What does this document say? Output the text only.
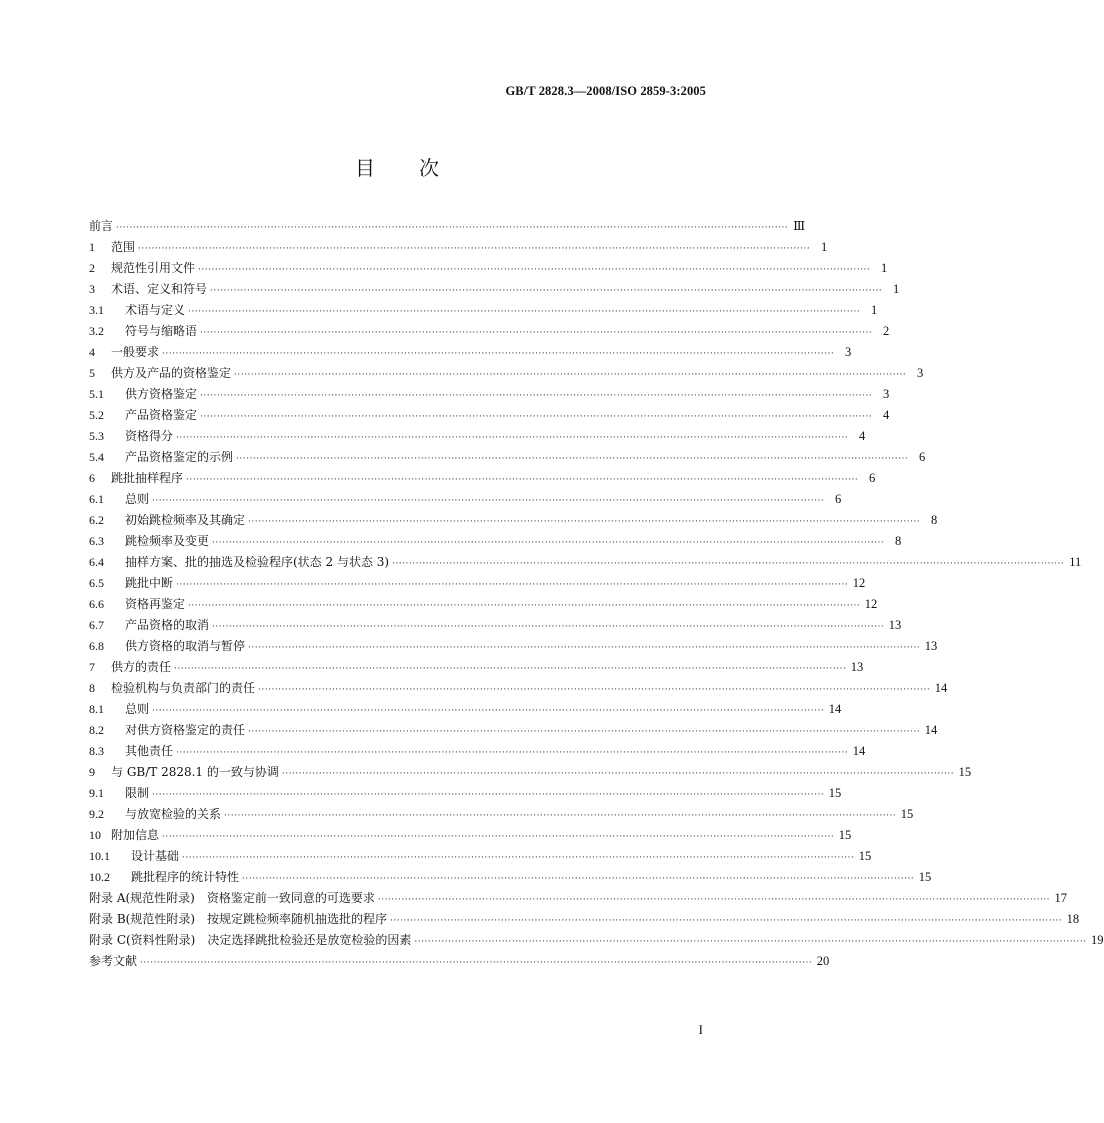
GB/T 2828.3—2008/ISO 2859-3:2005
目次
前言 ········································································································································································································ Ⅲ
1	范围 ········································································································································································································ 1
2	规范性引用文件 ········································································································································································································ 1
3	术语、定义和符号 ········································································································································································································ 1
3.1	术语与定义 ········································································································································································································ 1
3.2	符号与缩略语 ········································································································································································································ 2
4	一般要求 ········································································································································································································ 3
5	供方及产品的资格鉴定 ········································································································································································································ 3
5.1	供方资格鉴定 ········································································································································································································ 3
5.2	产品资格鉴定 ········································································································································································································ 4
5.3	资格得分 ········································································································································································································ 4
5.4	产品资格鉴定的示例 ········································································································································································································ 6
6	跳批抽样程序 ········································································································································································································ 6
6.1	总则 ········································································································································································································ 6
6.2	初始跳检频率及其确定 ········································································································································································································ 8
6.3	跳检频率及变更 ········································································································································································································ 8
6.4	抽样方案、批的抽选及检验程序(状态 2 与状态 3) ········································································································································································································ 11
6.5	跳批中断 ········································································································································································································ 12
6.6	资格再鉴定 ········································································································································································································ 12
6.7	产品资格的取消 ········································································································································································································ 13
6.8	供方资格的取消与暂停 ········································································································································································································ 13
7	供方的责任 ········································································································································································································ 13
8	检验机构与负责部门的责任 ········································································································································································································ 14
8.1	总则 ········································································································································································································ 14
8.2	对供方资格鉴定的责任 ········································································································································································································ 14
8.3	其他责任 ········································································································································································································ 14
9	与 GB/T 2828.1 的一致与协调 ········································································································································································································ 15
9.1	限制 ········································································································································································································ 15
9.2	与放宽检验的关系 ········································································································································································································ 15
10 附加信息 ········································································································································································································ 15
10.1	设计基础 ········································································································································································································ 15
10.2	跳批程序的统计特性 ········································································································································································································ 15
附录 A(规范性附录)　资格鉴定前一致同意的可选要求 ········································································································································································································ 17
附录 B(规范性附录)　按规定跳检频率随机抽选批的程序 ········································································································································································································ 18
附录 C(资料性附录)　决定选择跳批检验还是放宽检验的因素 ········································································································································································································ 19
参考文献 ········································································································································································································ 20
I
